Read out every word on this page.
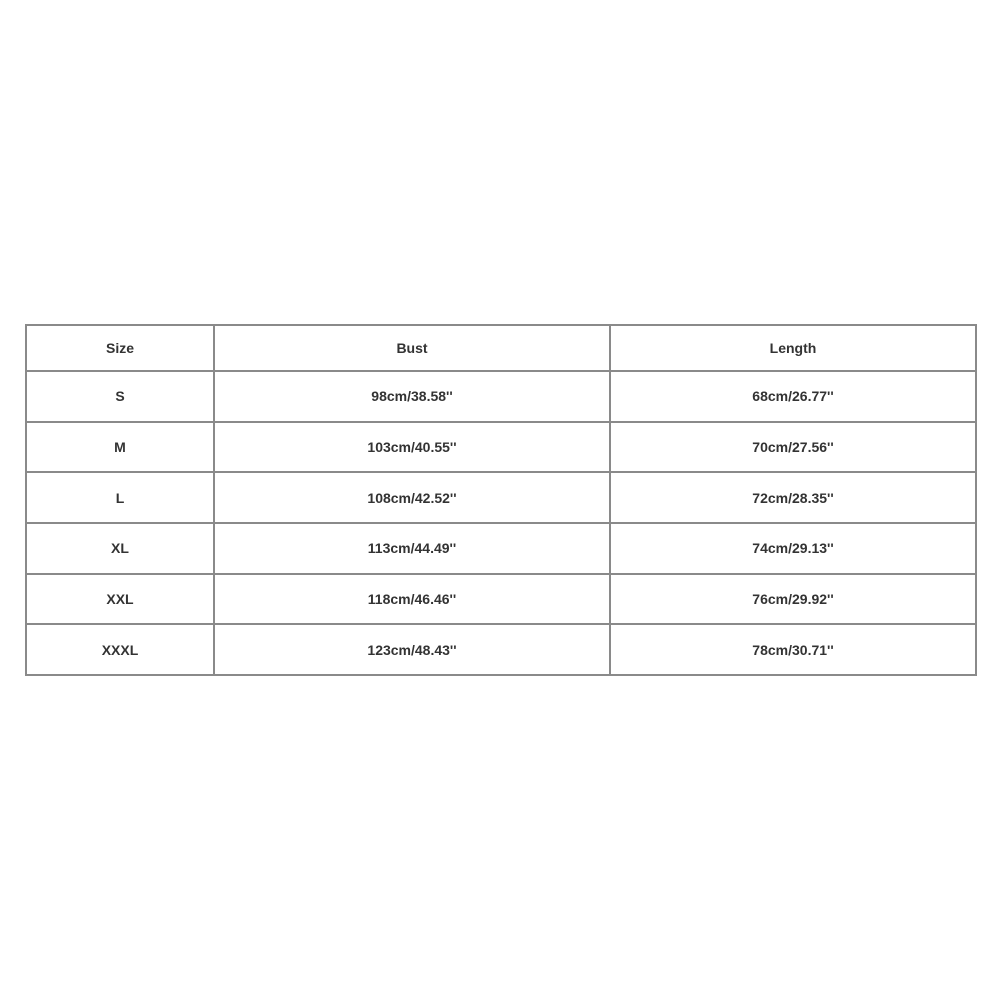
Size	Bust	Length
S	98cm/38.58''	68cm/26.77''
M	103cm/40.55''	70cm/27.56''
L	108cm/42.52''	72cm/28.35''
XL	113cm/44.49''	74cm/29.13''
XXL	118cm/46.46''	76cm/29.92''
XXXL	123cm/48.43''	78cm/30.71''
